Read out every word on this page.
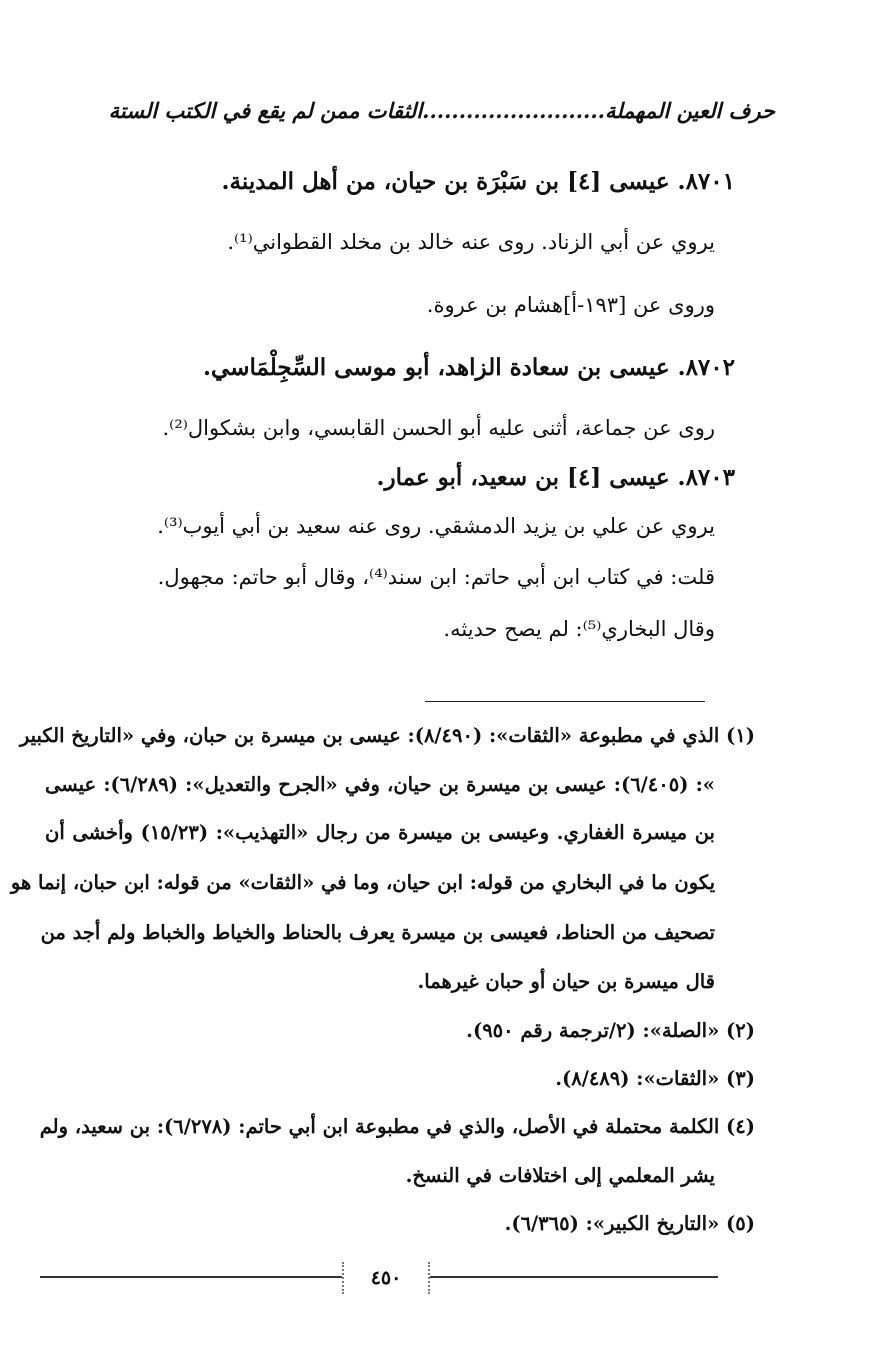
حرف العين المهملة.........................الثقات ممن لم يقع في الكتب الستة
٨٧٠١. عيسى [٤] بن سَبْرَة بن حيان، من أهل المدينة.
يروي عن أبي الزناد. روى عنه خالد بن مخلد القطواني⁽¹⁾.
وروى عن [١٩٣-أ]هشام بن عروة.
٨٧٠٢. عيسى بن سعادة الزاهد، أبو موسى السِّجِلْمَاسي.
روى عن جماعة، أثنى عليه أبو الحسن القابسي، وابن بشكوال⁽²⁾.
٨٧٠٣. عيسى [٤] بن سعيد، أبو عمار.
يروي عن علي بن يزيد الدمشقي. روى عنه سعيد بن أبي أيوب⁽³⁾.
قلت: في كتاب ابن أبي حاتم: ابن سند⁽⁴⁾، وقال أبو حاتم: مجهول.
وقال البخاري⁽⁵⁾: لم يصح حديثه.
(١) الذي في مطبوعة «الثقات»: (٨/٤٩٠): عيسى بن ميسرة بن حبان، وفي «التاريخ الكبير
»: (٦/٤٠٥): عيسى بن ميسرة بن حيان، وفي «الجرح والتعديل»: (٦/٢٨٩): عيسى
بن ميسرة الغفاري. وعيسى بن ميسرة من رجال «التهذيب»: (١٥/٢٣) وأخشى أن
يكون ما في البخاري من قوله: ابن حيان، وما في «الثقات» من قوله: ابن حبان، إنما هو
تصحيف من الحناط، فعيسى بن ميسرة يعرف بالحناط والخياط والخباط ولم أجد من
قال ميسرة بن حيان أو حبان غيرهما.
(٢) «الصلة»: (٢/ترجمة رقم ٩٥٠).
(٣) «الثقات»: (٨/٤٨٩).
(٤) الكلمة محتملة في الأصل، والذي في مطبوعة ابن أبي حاتم: (٦/٢٧٨): بن سعيد، ولم
يشر المعلمي إلى اختلافات في النسخ.
(٥) «التاريخ الكبير»: (٦/٣٦٥).
٤٥٠
